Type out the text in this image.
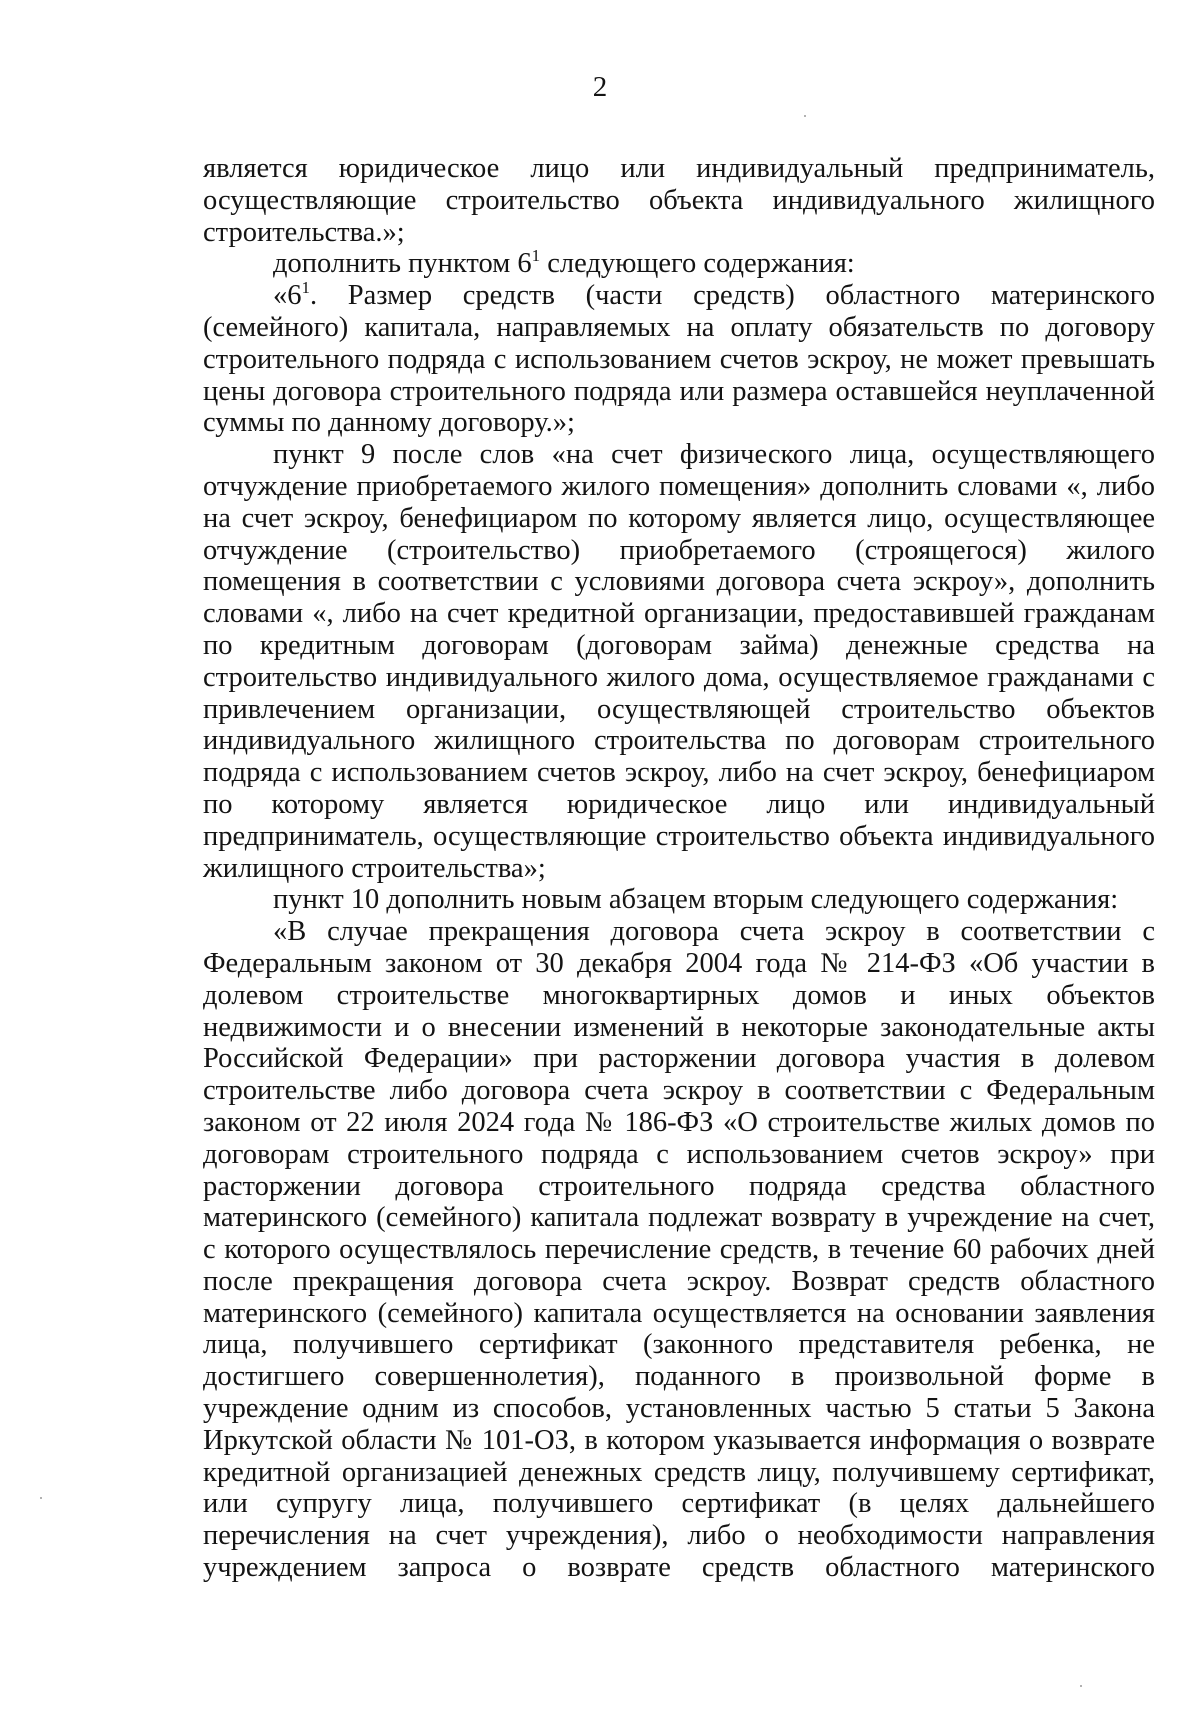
2

является юридическое лицо или индивидуальный предприниматель, осуществляющие строительство объекта индивидуального жилищного строительства.»;

дополнить пунктом $6^1$ следующего содержания:

«$6^1$. Размер средств (части средств) областного материнского (семейного) капитала, направляемых на оплату обязательств по договору строительного подряда с использованием счетов эскроу, не может превышать цены договора строительного подряда или размера оставшейся неуплаченной суммы по данному договору.»;

пункт 9 после слов «на счет физического лица, осуществляющего отчуждение приобретаемого жилого помещения» дополнить словами «, либо на счет эскроу, бенефициаром по которому является лицо, осуществляющее отчуждение (строительство) приобретаемого (строящегося) жилого помещения в соответствии с условиями договора счета эскроу», дополнить словами «, либо на счет кредитной организации, предоставившей гражданам по кредитным договорам (договорам займа) денежные средства на строительство индивидуального жилого дома, осуществляемое гражданами с привлечением организации, осуществляющей строительство объектов индивидуального жилищного строительства по договорам строительного подряда с использованием счетов эскроу, либо на счет эскроу, бенефициаром по которому является юридическое лицо или индивидуальный предприниматель, осуществляющие строительство объекта индивидуального жилищного строительства»;

пункт 10 дополнить новым абзацем вторым следующего содержания:

«В случае прекращения договора счета эскроу в соответствии с Федеральным законом от 30 декабря 2004 года № 214-ФЗ «Об участии в долевом строительстве многоквартирных домов и иных объектов недвижимости и о внесении изменений в некоторые законодательные акты Российской Федерации» при расторжении договора участия в долевом строительстве либо договора счета эскроу в соответствии с Федеральным законом от 22 июля 2024 года № 186-ФЗ «О строительстве жилых домов по договорам строительного подряда с использованием счетов эскроу» при расторжении договора строительного подряда средства областного материнского (семейного) капитала подлежат возврату в учреждение на счет, с которого осуществлялось перечисление средств, в течение 60 рабочих дней после прекращения договора счета эскроу. Возврат средств областного материнского (семейного) капитала осуществляется на основании заявления лица, получившего сертификат (законного представителя ребенка, не достигшего совершеннолетия), поданного в произвольной форме в учреждение одним из способов, установленных частью 5 статьи 5 Закона Иркутской области № 101-ОЗ, в котором указывается информация о возврате кредитной организацией денежных средств лицу, получившему сертификат, или супругу лица, получившего сертификат (в целях дальнейшего перечисления на счет учреждения), либо о необходимости направления учреждением запроса о возврате средств областного материнского
